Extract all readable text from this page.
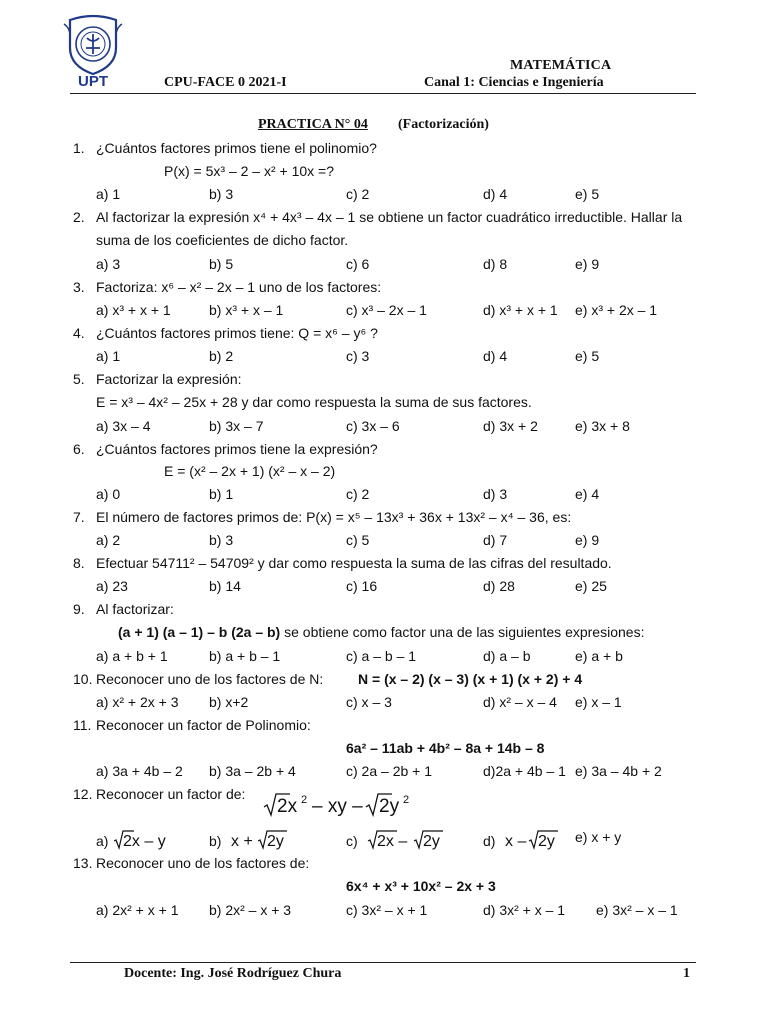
UPT
MATEMÁTICA
CPU-FACE 0 2021-I	Canal 1: Ciencias e Ingeniería
PRACTICA N° 04 (Factorización)
1. ¿Cuántos factores primos tiene el polinomio?
P(x) = 5x³ – 2 – x² + 10x =?
a) 1	b) 3	c) 2	d) 4	e) 5
2. Al factorizar la expresión x⁴ + 4x³ – 4x – 1 se obtiene un factor cuadrático irreductible. Hallar la
suma de los coeficientes de dicho factor.
a) 3	b) 5	c) 6	d) 8	e) 9
3. Factoriza: x⁶ – x² – 2x – 1 uno de los factores:
a) x³ + x + 1	b) x³ + x – 1	c) x³ – 2x – 1	d) x³ + x + 1 e) x³ + 2x – 1
4. ¿Cuántos factores primos tiene: Q = x⁶ – y⁶ ?
a) 1	b) 2	c) 3	d) 4	e) 5
5. Factorizar la expresión:
E = x³ – 4x² – 25x + 28 y dar como respuesta la suma de sus factores.
a) 3x – 4	b) 3x – 7	c) 3x – 6	d) 3x + 2	e) 3x + 8
6. ¿Cuántos factores primos tiene la expresión?
E = (x² – 2x + 1) (x² – x – 2)
a) 0	b) 1	c) 2	d) 3	e) 4
7. El número de factores primos de: P(x) = x⁵ – 13x³ + 36x + 13x² – x⁴ – 36, es:
a) 2	b) 3	c) 5	d) 7	e) 9
8. Efectuar 54711² – 54709² y dar como respuesta la suma de las cifras del resultado.
a) 23	b) 14	c) 16	d) 28	e) 25
9. Al factorizar:
(a + 1) (a – 1) – b (2a – b) se obtiene como factor una de las siguientes expresiones:
a) a + b + 1	b) a + b – 1	c) a – b – 1	d) a – b	e) a + b
10. Reconocer uno de los factores de N: N = (x – 2) (x – 3) (x + 1) (x + 2) + 4
a) x² + 2x + 3 b) x+2	c) x – 3	d) x² – x – 4 e) x – 1
11. Reconocer un factor de Polinomio:
6a² – 11ab + 4b² – 8a + 14b – 8
a) 3a + 4b – 2 b) 3a – 2b + 4	c) 2a – 2b + 1	d)2a + 4b – 1 e) 3a – 4b + 2
12. Reconocer un factor de:
2x 2 – xy – 2y 2
a) 2x – y	b) x + 2y	c) 2x – 2y	d) x – 2y e) x + y
13. Reconocer uno de los factores de:
6x⁴ + x³ + 10x² – 2x + 3
a) 2x² + x + 1 b) 2x² – x + 3	c) 3x² – x + 1	d) 3x² + x – 1 e) 3x² – x – 1
Docente: Ing. José Rodríguez Chura	1
